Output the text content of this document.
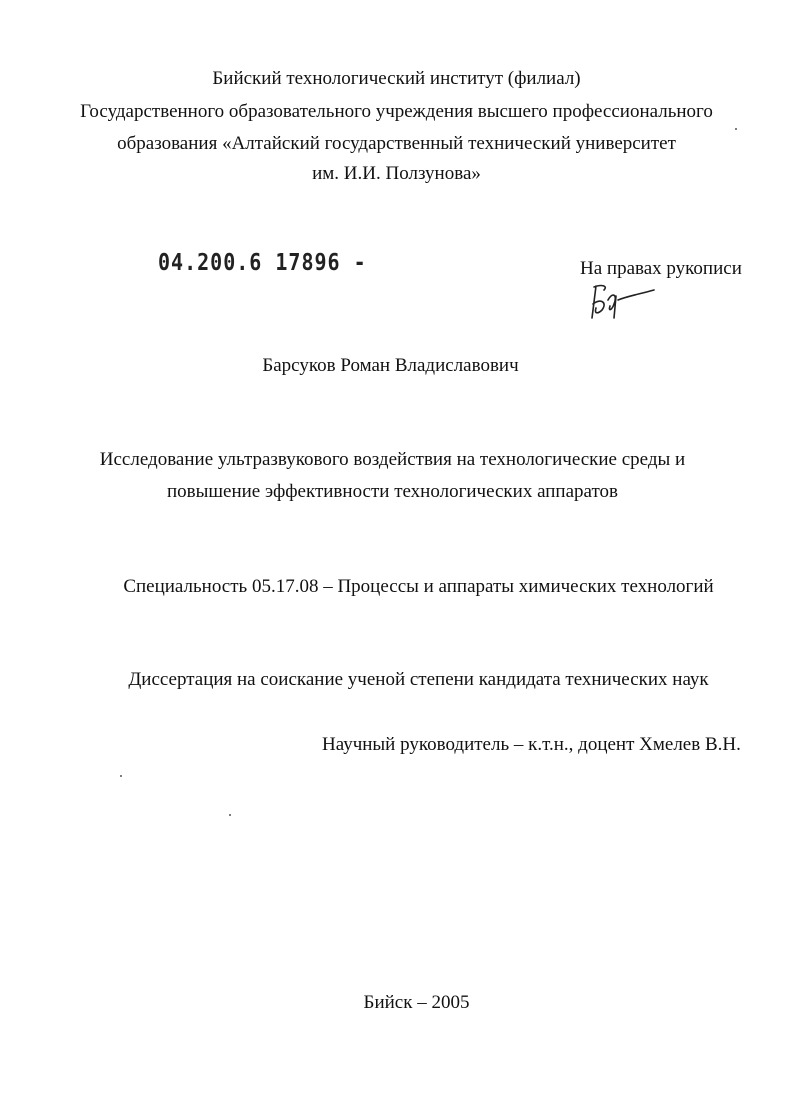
Бийский технологический институт (филиал)
Государственного образовательного учреждения высшего профессионального
образования «Алтайский государственный технический университет
им. И.И. Ползунова»
04.200.6 17896 -	На правах рукописи
Барсуков Роман Владиславович
Исследование ультразвукового воздействия на технологические среды и
повышение эффективности технологических аппаратов
Специальность 05.17.08 – Процессы и аппараты химических технологий
Диссертация на соискание ученой степени кандидата технических наук
Научный руководитель – к.т.н., доцент Хмелев В.Н.
Бийск – 2005
